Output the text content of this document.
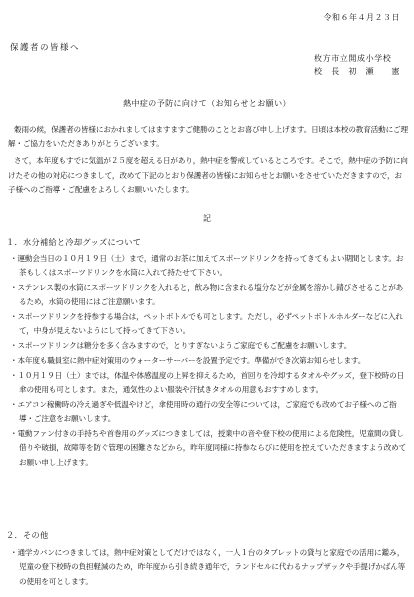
令和６年４月２３日
保護者の皆様へ
枚方市立開成小学校
校　長　初　瀬　　憲
熱中症の予防に向けて（お知らせとお願い）

穀雨の候，保護者の皆様におかれましてはますますご健勝のこととお喜び申し上げます。日頃は本校の教育活動にご理解・ご協力をいただきありがとうございます。

さて，本年度もすでに気温が２５度を超える日があり，熱中症を警戒しているところです。そこで，熱中症の予防に向けたその他の対応につきまして，改めて下記のとおり保護者の皆様にお知らせとお願いをさせていただきますので，お子様へのご指導・ご配慮をよろしくお願いいたします。

記
１．水分補給と冷却グッズについて
・運動会当日の１０月１９日（土）まで，通常のお茶に加えてスポーツドリンクを持ってきてもよい期間とします。お茶もしくはスポーツドリンクを水筒に入れて持たせて下さい。
・ステンレス製の水筒にスポーツドリンクを入れると，飲み物に含まれる塩分などが金属を溶かし錆びさせることがあるため，水筒の使用にはご注意願います。
・スポーツドリンクを持参する場合は，ペットボトルでも可とします。ただし，必ずペットボトルホルダーなどに入れて，中身が見えないようにして持ってきて下さい。
・スポーツドリンクは糖分を多く含みますので，とりすぎないようご家庭でもご配慮をお願いします。
・本年度も職員室に熱中症対策用のウォーターサーバーを設置予定です。準備ができ次第お知らせします。
・１０月１９日（土）までは，体温や体感温度の上昇を抑えるため，首回りを冷却するタオルやグッズ，登下校時の日傘の使用も可とします。また，通気性のよい服装や汗拭きタオルの用意もおすすめします。
・エアコン稼働時の冷え過ぎや低温やけど，傘使用時の通行の安全等については，ご家庭でも改めてお子様へのご指導・ご注意をお願いします。
・電動ファン付きの手持ちや首巻用のグッズにつきましては，授業中の音や登下校の使用による危険性，児童間の貸し借りや破損，故障等を防ぐ管理の困難さなどから，昨年度同様に持参ならびに使用を控えていただきますよう改めてお願い申し上げます。
２．その他
・通学カバンにつきましては，熱中症対策としてだけではなく，一人１台のタブレットの貸与と家庭での活用に鑑み，児童の登下校時の負担軽減のため，昨年度から引き続き通年で，ランドセルに代わるナップザックや手提げかばん等の使用を可とします。
